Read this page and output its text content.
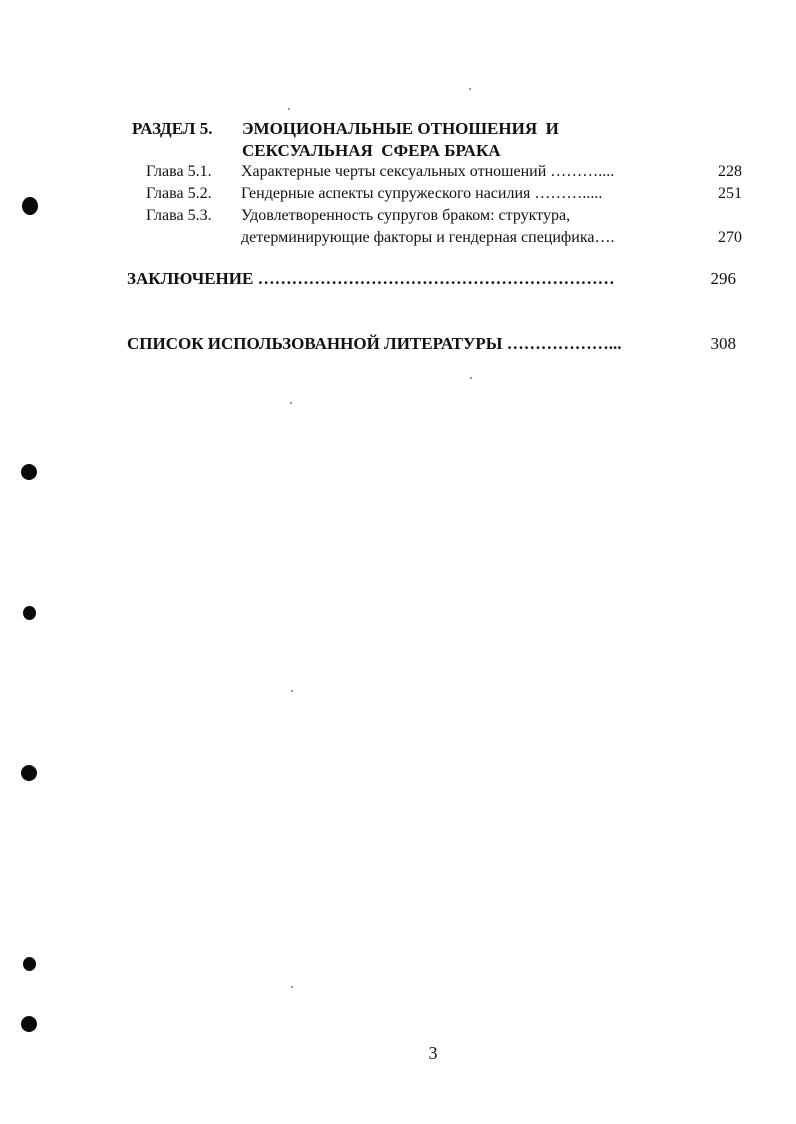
РАЗДЕЛ 5. ЭМОЦИОНАЛЬНЫЕ ОТНОШЕНИЯ  И
СЕКСУАЛЬНАЯ  СФЕРА БРАКА
Глава 5.1. Характерные черты сексуальных отношений ………....	228
Глава 5.2. Гендерные аспекты супружеского насилия ……….....	251
Глава 5.3. Удовлетворенность супругов браком: структура,
детерминирующие факторы и гендерная специфика….	270
ЗАКЛЮЧЕНИЕ ………………………………………………………	296
СПИСОК ИСПОЛЬЗОВАННОЙ ЛИТЕРАТУРЫ ………………...	308
3
